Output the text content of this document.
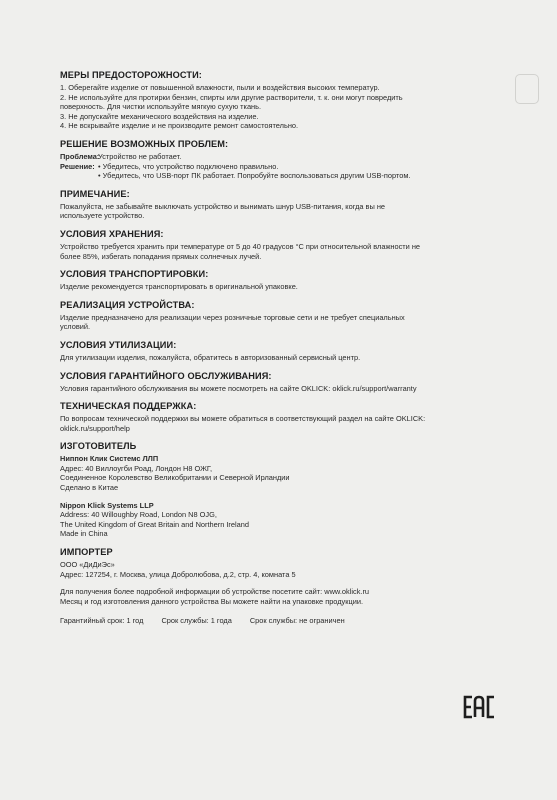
МЕРЫ ПРЕДОСТОРОЖНОСТИ:
1. Оберегайте изделие от повышенной влажности, пыли и воздействия высоких температур.
2. Не используйте для протирки бензин, спирты или другие растворители, т. к. они могут повредить
поверхность. Для чистки используйте мягкую сухую ткань.
3. Не допускайте механического воздействия на изделие.
4. Не вскрывайте изделие и не производите ремонт самостоятельно.
РЕШЕНИЕ ВОЗМОЖНЫХ ПРОБЛЕМ:
Проблема:
Устройство не работает.
Решение: • Убедитесь, что устройство подключено правильно.
• Убедитесь, что USB-порт ПК работает. Попробуйте воспользоваться другим USB-портом.
ПРИМЕЧАНИЕ:

Пожалуйста, не забывайте выключать устройство и вынимать шнур USB-питания, когда вы не

используете устройство.

УСЛОВИЯ ХРАНЕНИЯ:

Устройство требуется хранить при температуре от 5 до 40 градусов °С при относительной влажности не

более 85%, избегать попадания прямых солнечных лучей.

УСЛОВИЯ ТРАНСПОРТИРОВКИ:

Изделие рекомендуется транспортировать в оригинальной упаковке.

РЕАЛИЗАЦИЯ УСТРОЙСТВА:

Изделие предназначено для реализации через розничные торговые сети и не требует специальных

условий.

УСЛОВИЯ УТИЛИЗАЦИИ:

Для утилизации изделия, пожалуйста, обратитесь в авторизованный сервисный центр.

УСЛОВИЯ ГАРАНТИЙНОГО ОБСЛУЖИВАНИЯ:

Условия гарантийного обслуживания вы можете посмотреть на сайте OKLICK: oklick.ru/support/warranty

ТЕХНИЧЕСКАЯ ПОДДЕРЖКА:

По вопросам технической поддержки вы можете обратиться в соответствующий раздел на сайте OKLICK:

oklick.ru/support/help

ИЗГОТОВИТЕЛЬ

Ниппон Клик Системс ЛЛП

Адрес: 40 Виллоугби Роад, Лондон Н8 ОЖГ,

Соединенное Королевство Великобритании и Северной Ирландии

Сделано в Китае

Nippon Klick Systems LLP

Address: 40 Willoughby Road, London N8 OJG,

The United Kingdom of Great Britain and Northern Ireland

Made in China

ИМПОРТЕР

ООО «ДиДиЭс»

Адрес: 127254, г. Москва, улица Добролюбова, д.2, стр. 4, комната 5

Для получения более подробной информации об устройстве посетите сайт: www.oklick.ru

Месяц и год изготовления данного устройства Вы можете найти на упаковке продукции.

Гарантийный срок: 1 год Срок службы: 1 года Срок службы: не ограничен
